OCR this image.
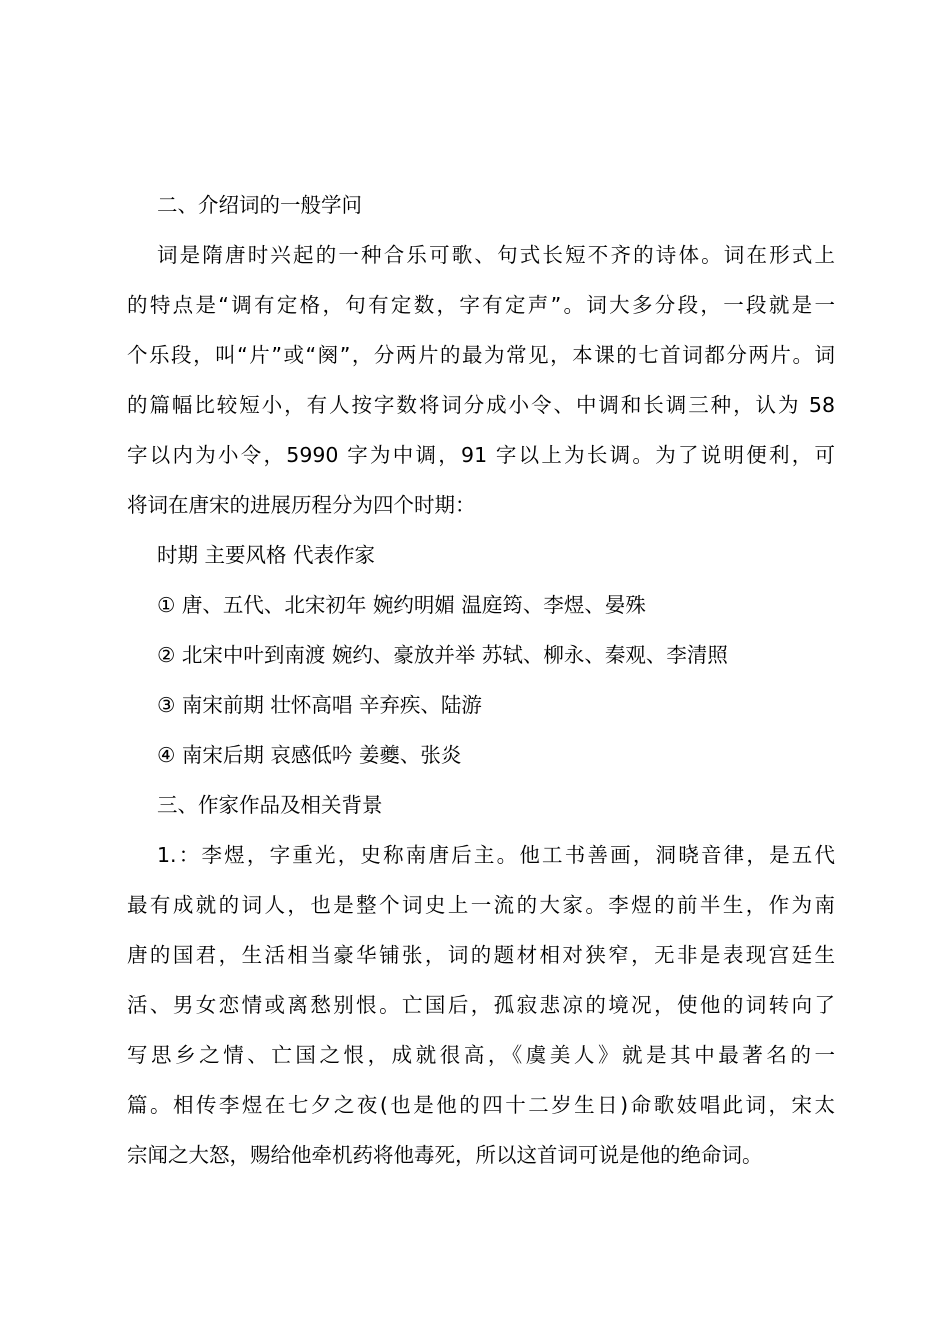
二、介绍词的一般学问
词是隋唐时兴起的一种合乐可歌、句式长短不齐的诗体。词在形式上
的特点是“调有定格，句有定数，字有定声”。词大多分段，一段就是一
个乐段，叫“片”或“阕”，分两片的最为常见，本课的七首词都分两片。词
的篇幅比较短小，有人按字数将词分成小令、中调和长调三种，认为 58
字以内为小令，5990 字为中调，91 字以上为长调。为了说明便利，可
将词在唐宋的进展历程分为四个时期：
时期 主要风格 代表作家
① 唐、五代、北宋初年 婉约明媚 温庭筠、李煜、晏殊
② 北宋中叶到南渡 婉约、豪放并举 苏轼、柳永、秦观、李清照
③ 南宋前期 壮怀高唱 辛弃疾、陆游
④ 南宋后期 哀感低吟 姜夔、张炎
三、作家作品及相关背景
1.：李煜，字重光，史称南唐后主。他工书善画，洞晓音律，是五代
最有成就的词人，也是整个词史上一流的大家。李煜的前半生，作为南
唐的国君，生活相当豪华铺张，词的题材相对狭窄，无非是表现宫廷生
活、男女恋情或离愁别恨。亡国后，孤寂悲凉的境况，使他的词转向了
写思乡之情、亡国之恨，成就很高，《虞美人》就是其中最著名的一
篇。相传李煜在七夕之夜(也是他的四十二岁生日)命歌妓唱此词，宋太
宗闻之大怒，赐给他牵机药将他毒死，所以这首词可说是他的绝命词。
